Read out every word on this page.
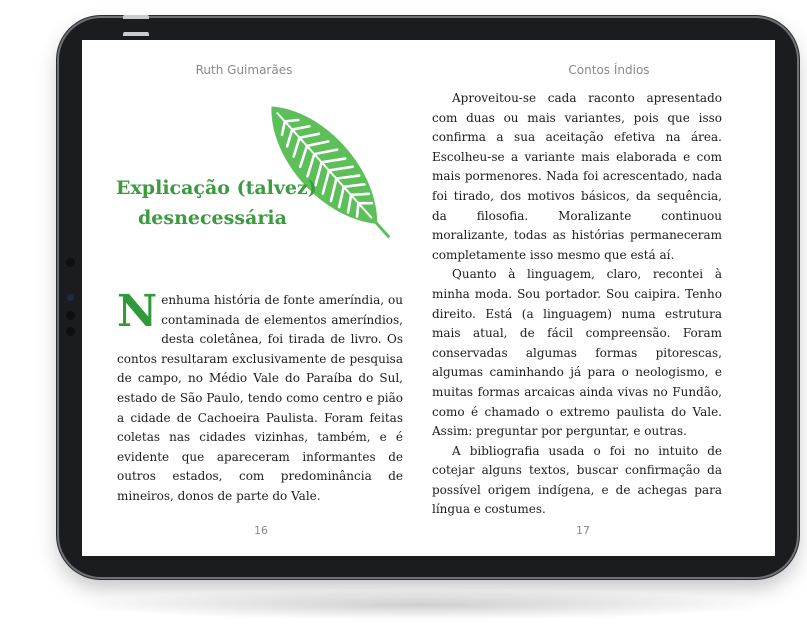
Ruth Guimarães	Contos Índios
Explicação (talvez)
desnecessária

Nenhuma história de fonte ameríndia, ou contaminada de elementos ameríndios, desta coletânea, foi tirada de livro. Os contos resultaram exclusivamente de pesquisa de campo, no Médio Vale do Paraíba do Sul, estado de São Paulo, tendo como centro e pião a cidade de Cachoeira Paulista. Foram feitas coletas nas cidades vizinhas, também, e é evidente que apareceram informantes de outros estados, com predominância de mineiros, donos de parte do Vale.

Aproveitou-se cada raconto apresentado com duas ou mais variantes, pois que isso confirma a sua aceitação efetiva na área. Escolheu-se a variante mais elaborada e com mais pormenores. Nada foi acrescentado, nada foi tirado, dos motivos básicos, da sequência, da filosofia. Moralizante continuou moralizante, todas as histórias permaneceram completamente isso mesmo que está aí.

Quanto à linguagem, claro, recontei à minha moda. Sou portador. Sou caipira. Tenho direito. Está (a linguagem) numa estrutura mais atual, de fácil compreensão. Foram conservadas algumas formas pitorescas, algumas caminhando já para o neologismo, e muitas formas arcaicas ainda vivas no Fundão, como é chamado o extremo paulista do Vale. Assim: preguntar por perguntar, e outras.

A bibliografia usada o foi no intuito de cotejar alguns textos, buscar confirmação da possível origem indígena, e de achegas para língua e costumes.

16	17
